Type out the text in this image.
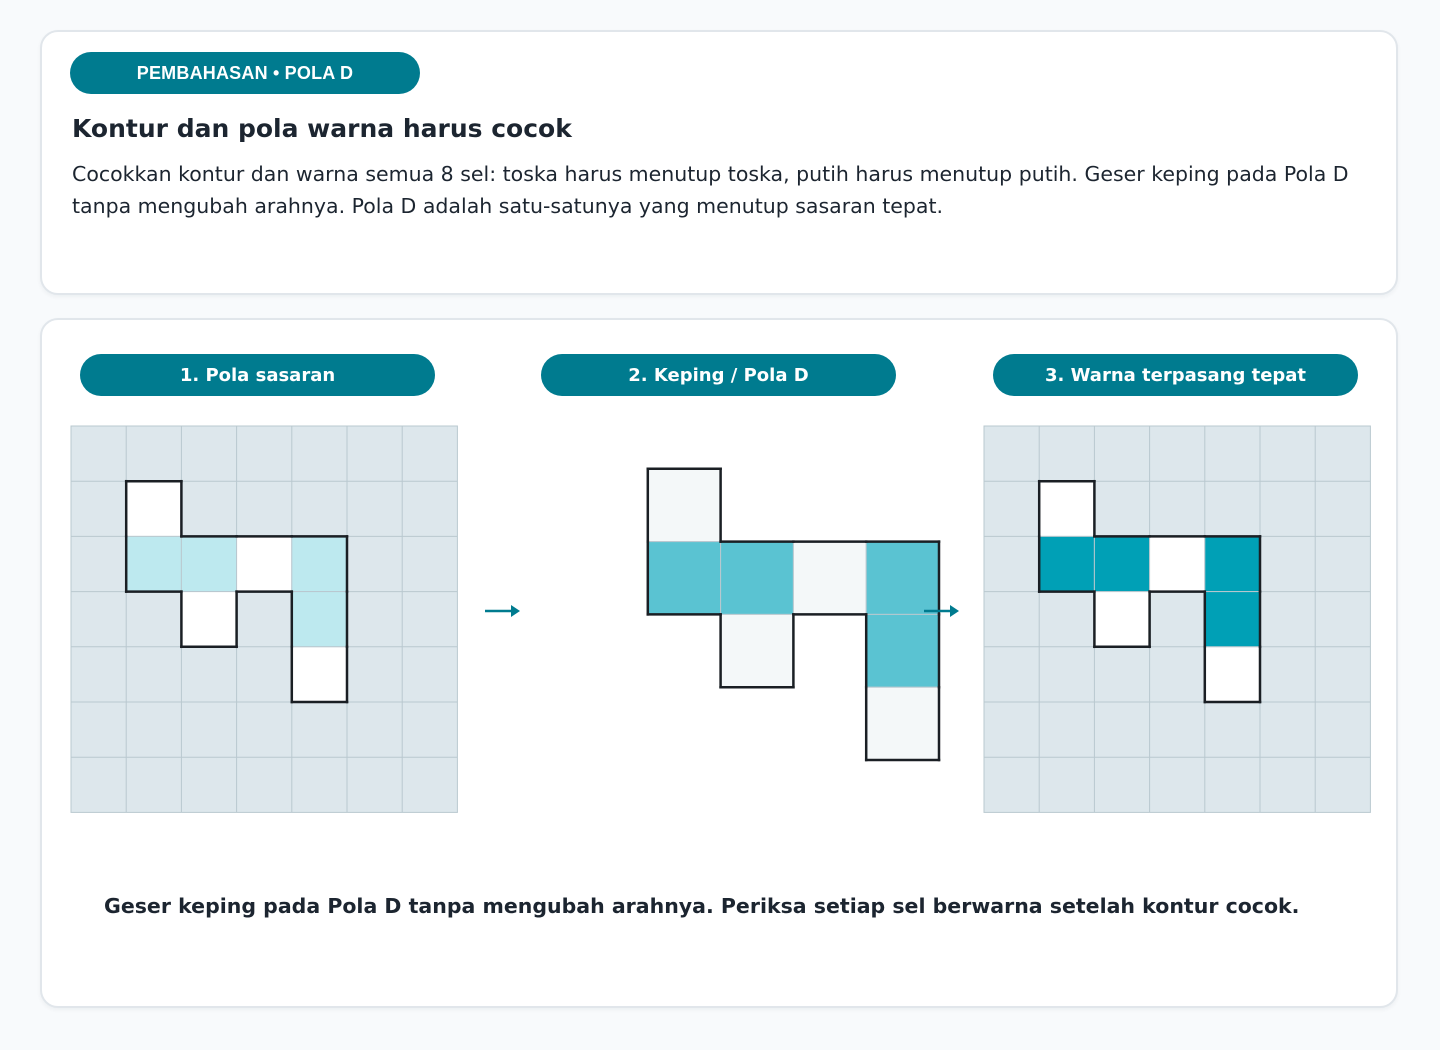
PEMBAHASAN • POLA D
Kontur dan pola warna harus cocok

Cocokkan kontur dan warna semua 8 sel: toska harus menutup toska, putih harus menutup putih. Geser keping pada Pola D tanpa mengubah arahnya. Pola D adalah satu-satunya yang menutup sasaran tepat.

1. Pola sasaran	2. Keping / Pola D	3. Warna terpasang tepat

Geser keping pada Pola D tanpa mengubah arahnya. Periksa setiap sel berwarna setelah kontur cocok.
